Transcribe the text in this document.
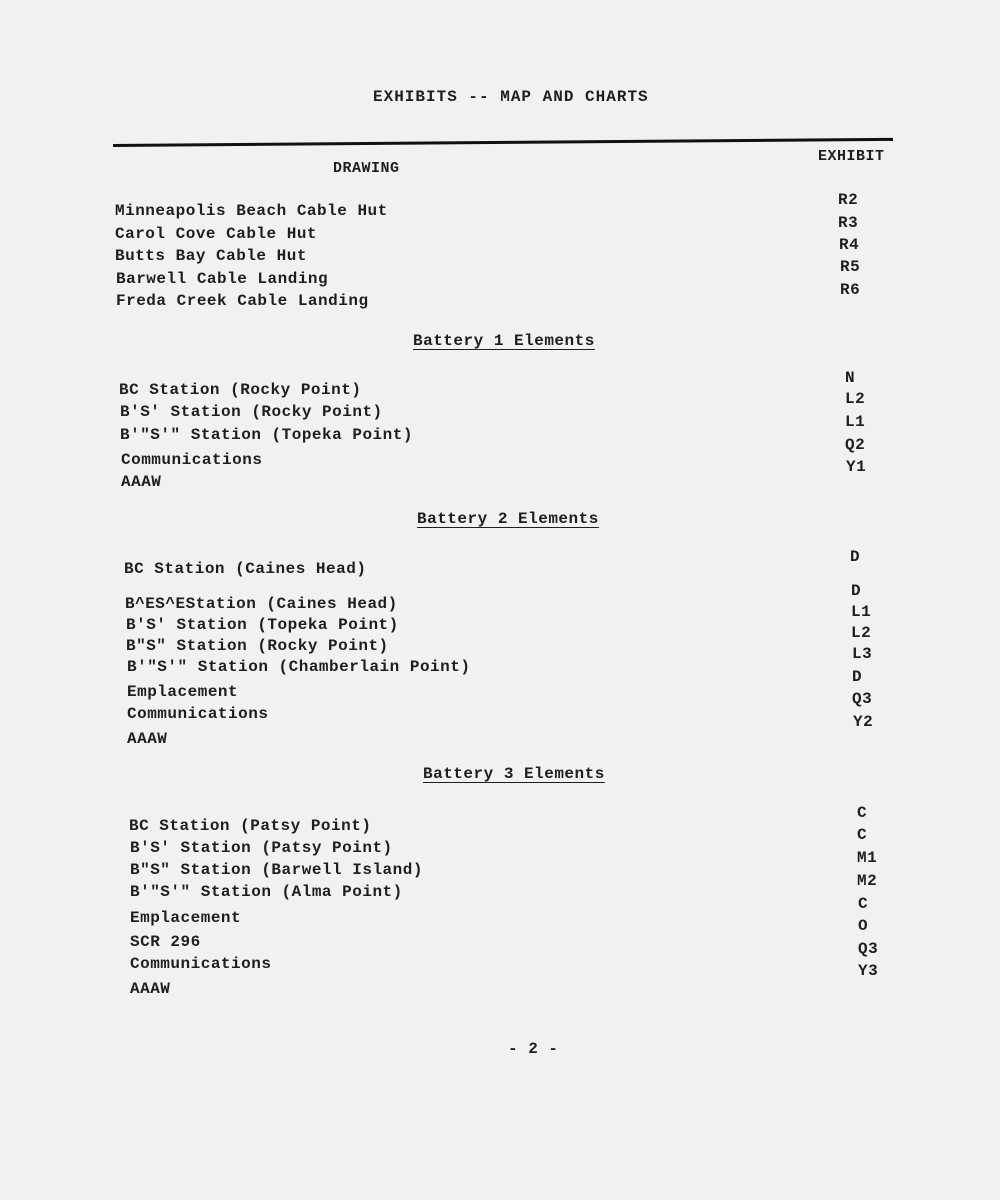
EXHIBITS -- MAP AND CHARTS
DRAWING
EXHIBIT
Minneapolis Beach Cable Hut
Carol Cove Cable Hut
Butts Bay Cable Hut
Barwell Cable Landing
Freda Creek Cable Landing
R2
R3
R4
R5
R6
Battery 1 Elements
BC Station (Rocky Point)
B'S' Station (Rocky Point)
B'"S'" Station (Topeka Point)
Communications
AAAW
N
L2
L1
Q2
Y1
Battery 2 Elements
BC Station (Caines Head)
B^ES^EStation (Caines Head)
B'S' Station (Topeka Point)
B"S" Station (Rocky Point)
B'"S'" Station (Chamberlain Point)
Emplacement
Communications
AAAW
D
D
L1
L2
L3
D
Q3
Y2
Battery 3 Elements
BC Station (Patsy Point)
B'S' Station (Patsy Point)
B"S" Station (Barwell Island)
B'"S'" Station (Alma Point)
Emplacement
SCR 296
Communications
AAAW
C
C
M1
M2
C
O
Q3
Y3
- 2 -
